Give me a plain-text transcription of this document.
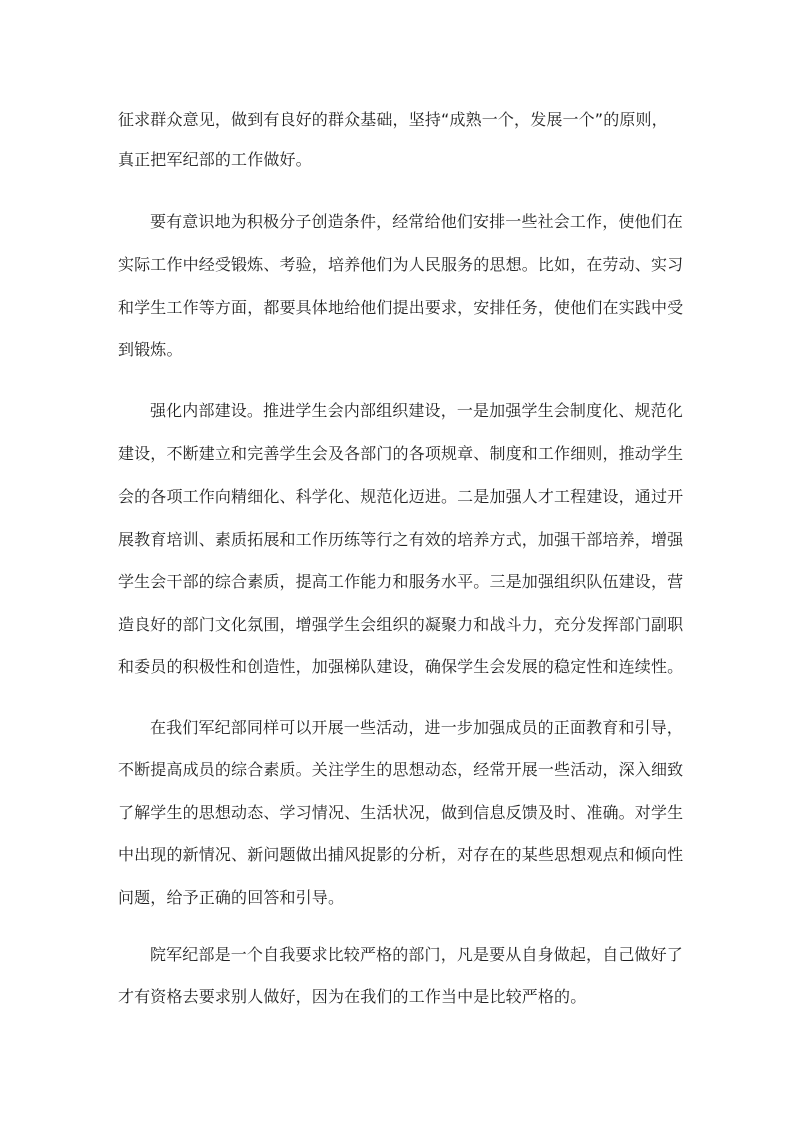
征求群众意见，做到有良好的群众基础，坚持“成熟一个，发展一个”的原则，
真正把军纪部的工作做好。
要有意识地为积极分子创造条件，经常给他们安排一些社会工作，使他们在
实际工作中经受锻炼、考验，培养他们为人民服务的思想。比如，在劳动、实习
和学生工作等方面，都要具体地给他们提出要求，安排任务，使他们在实践中受
到锻炼。
强化内部建设。推进学生会内部组织建设，一是加强学生会制度化、规范化
建设，不断建立和完善学生会及各部门的各项规章、制度和工作细则，推动学生
会的各项工作向精细化、科学化、规范化迈进。二是加强人才工程建设，通过开
展教育培训、素质拓展和工作历练等行之有效的培养方式，加强干部培养，增强
学生会干部的综合素质，提高工作能力和服务水平。三是加强组织队伍建设，营
造良好的部门文化氛围，增强学生会组织的凝聚力和战斗力，充分发挥部门副职
和委员的积极性和创造性，加强梯队建设，确保学生会发展的稳定性和连续性。
在我们军纪部同样可以开展一些活动，进一步加强成员的正面教育和引导，
不断提高成员的综合素质。关注学生的思想动态，经常开展一些活动，深入细致
了解学生的思想动态、学习情况、生活状况，做到信息反馈及时、准确。对学生
中出现的新情况、新问题做出捕风捉影的分析，对存在的某些思想观点和倾向性
问题，给予正确的回答和引导。
院军纪部是一个自我要求比较严格的部门，凡是要从自身做起，自己做好了
才有资格去要求别人做好，因为在我们的工作当中是比较严格的。
